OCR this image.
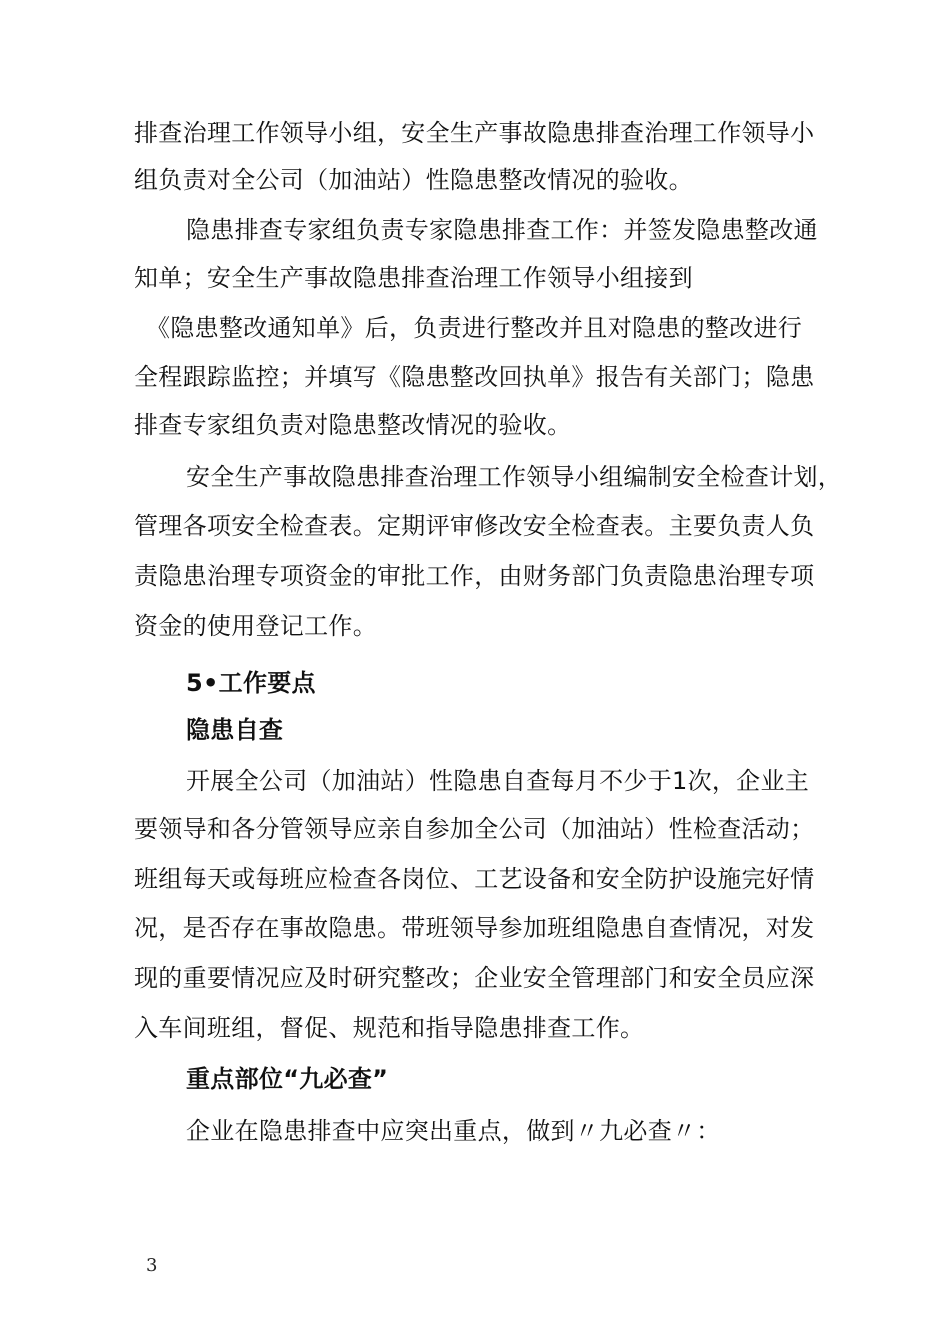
排查治理工作领导小组，安全生产事故隐患排查治理工作领导小
组负责对全公司（加油站）性隐患整改情况的验收。
隐患排查专家组负责专家隐患排查工作：并签发隐患整改通
知单；安全生产事故隐患排查治理工作领导小组接到
《隐患整改通知单》后，负责进行整改并且对隐患的整改进行
全程跟踪监控；并填写《隐患整改回执单》报告有关部门；隐患
排查专家组负责对隐患整改情况的验收。
安全生产事故隐患排查治理工作领导小组编制安全检查计划，
管理各项安全检查表。定期评审修改安全检查表。主要负责人负
责隐患治理专项资金的审批工作，由财务部门负责隐患治理专项
资金的使用登记工作。
5•工作要点
隐患自查
开展全公司（加油站）性隐患自查每月不少于1次，企业主
要领导和各分管领导应亲自参加全公司（加油站）性检查活动；
班组每天或每班应检查各岗位、工艺设备和安全防护设施完好情
况，是否存在事故隐患。带班领导参加班组隐患自查情况，对发
现的重要情况应及时研究整改；企业安全管理部门和安全员应深
入车间班组，督促、规范和指导隐患排查工作。
重点部位“九必查”
企业在隐患排查中应突出重点，做到〃九必查〃：
3
